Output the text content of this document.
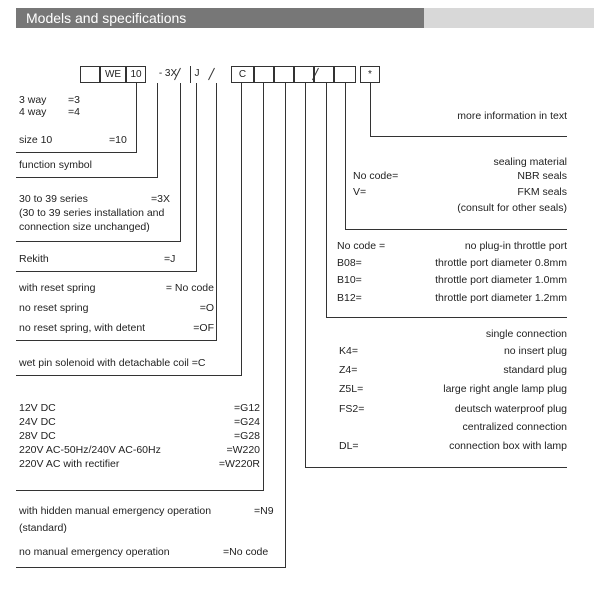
Models and specifications
WE 10	- 3X	J	C	*
3 way =3
4 way =4
size 10	=10
function symbol
30 to 39 series	=3X
(30 to 39 series installation and
connection size unchanged)
Rekith	=J
with reset spring	= No code
no reset spring	=O
no reset spring, with detent	=OF
wet pin solenoid with detachable coil =C
12V DC	=G12
24V DC	=G24
28V DC	=G28
220V AC-50Hz/240V AC-60Hz	=W220
220V AC with rectifier	=W220R
with hidden manual emergency operation	=N9
(standard)
no manual emergency operation	=No code
more information in text
sealing material
No code=	NBR seals
V=	FKM seals
(consult for other seals)
No code =	no plug-in throttle port
B08=	throttle port diameter 0.8mm
B10=	throttle port diameter 1.0mm
B12=	throttle port diameter 1.2mm
single connection
K4=	no insert plug
Z4=	standard plug
Z5L=	large right angle lamp plug
FS2=	deutsch waterproof plug
centralized connection
DL=	connection box with lamp
